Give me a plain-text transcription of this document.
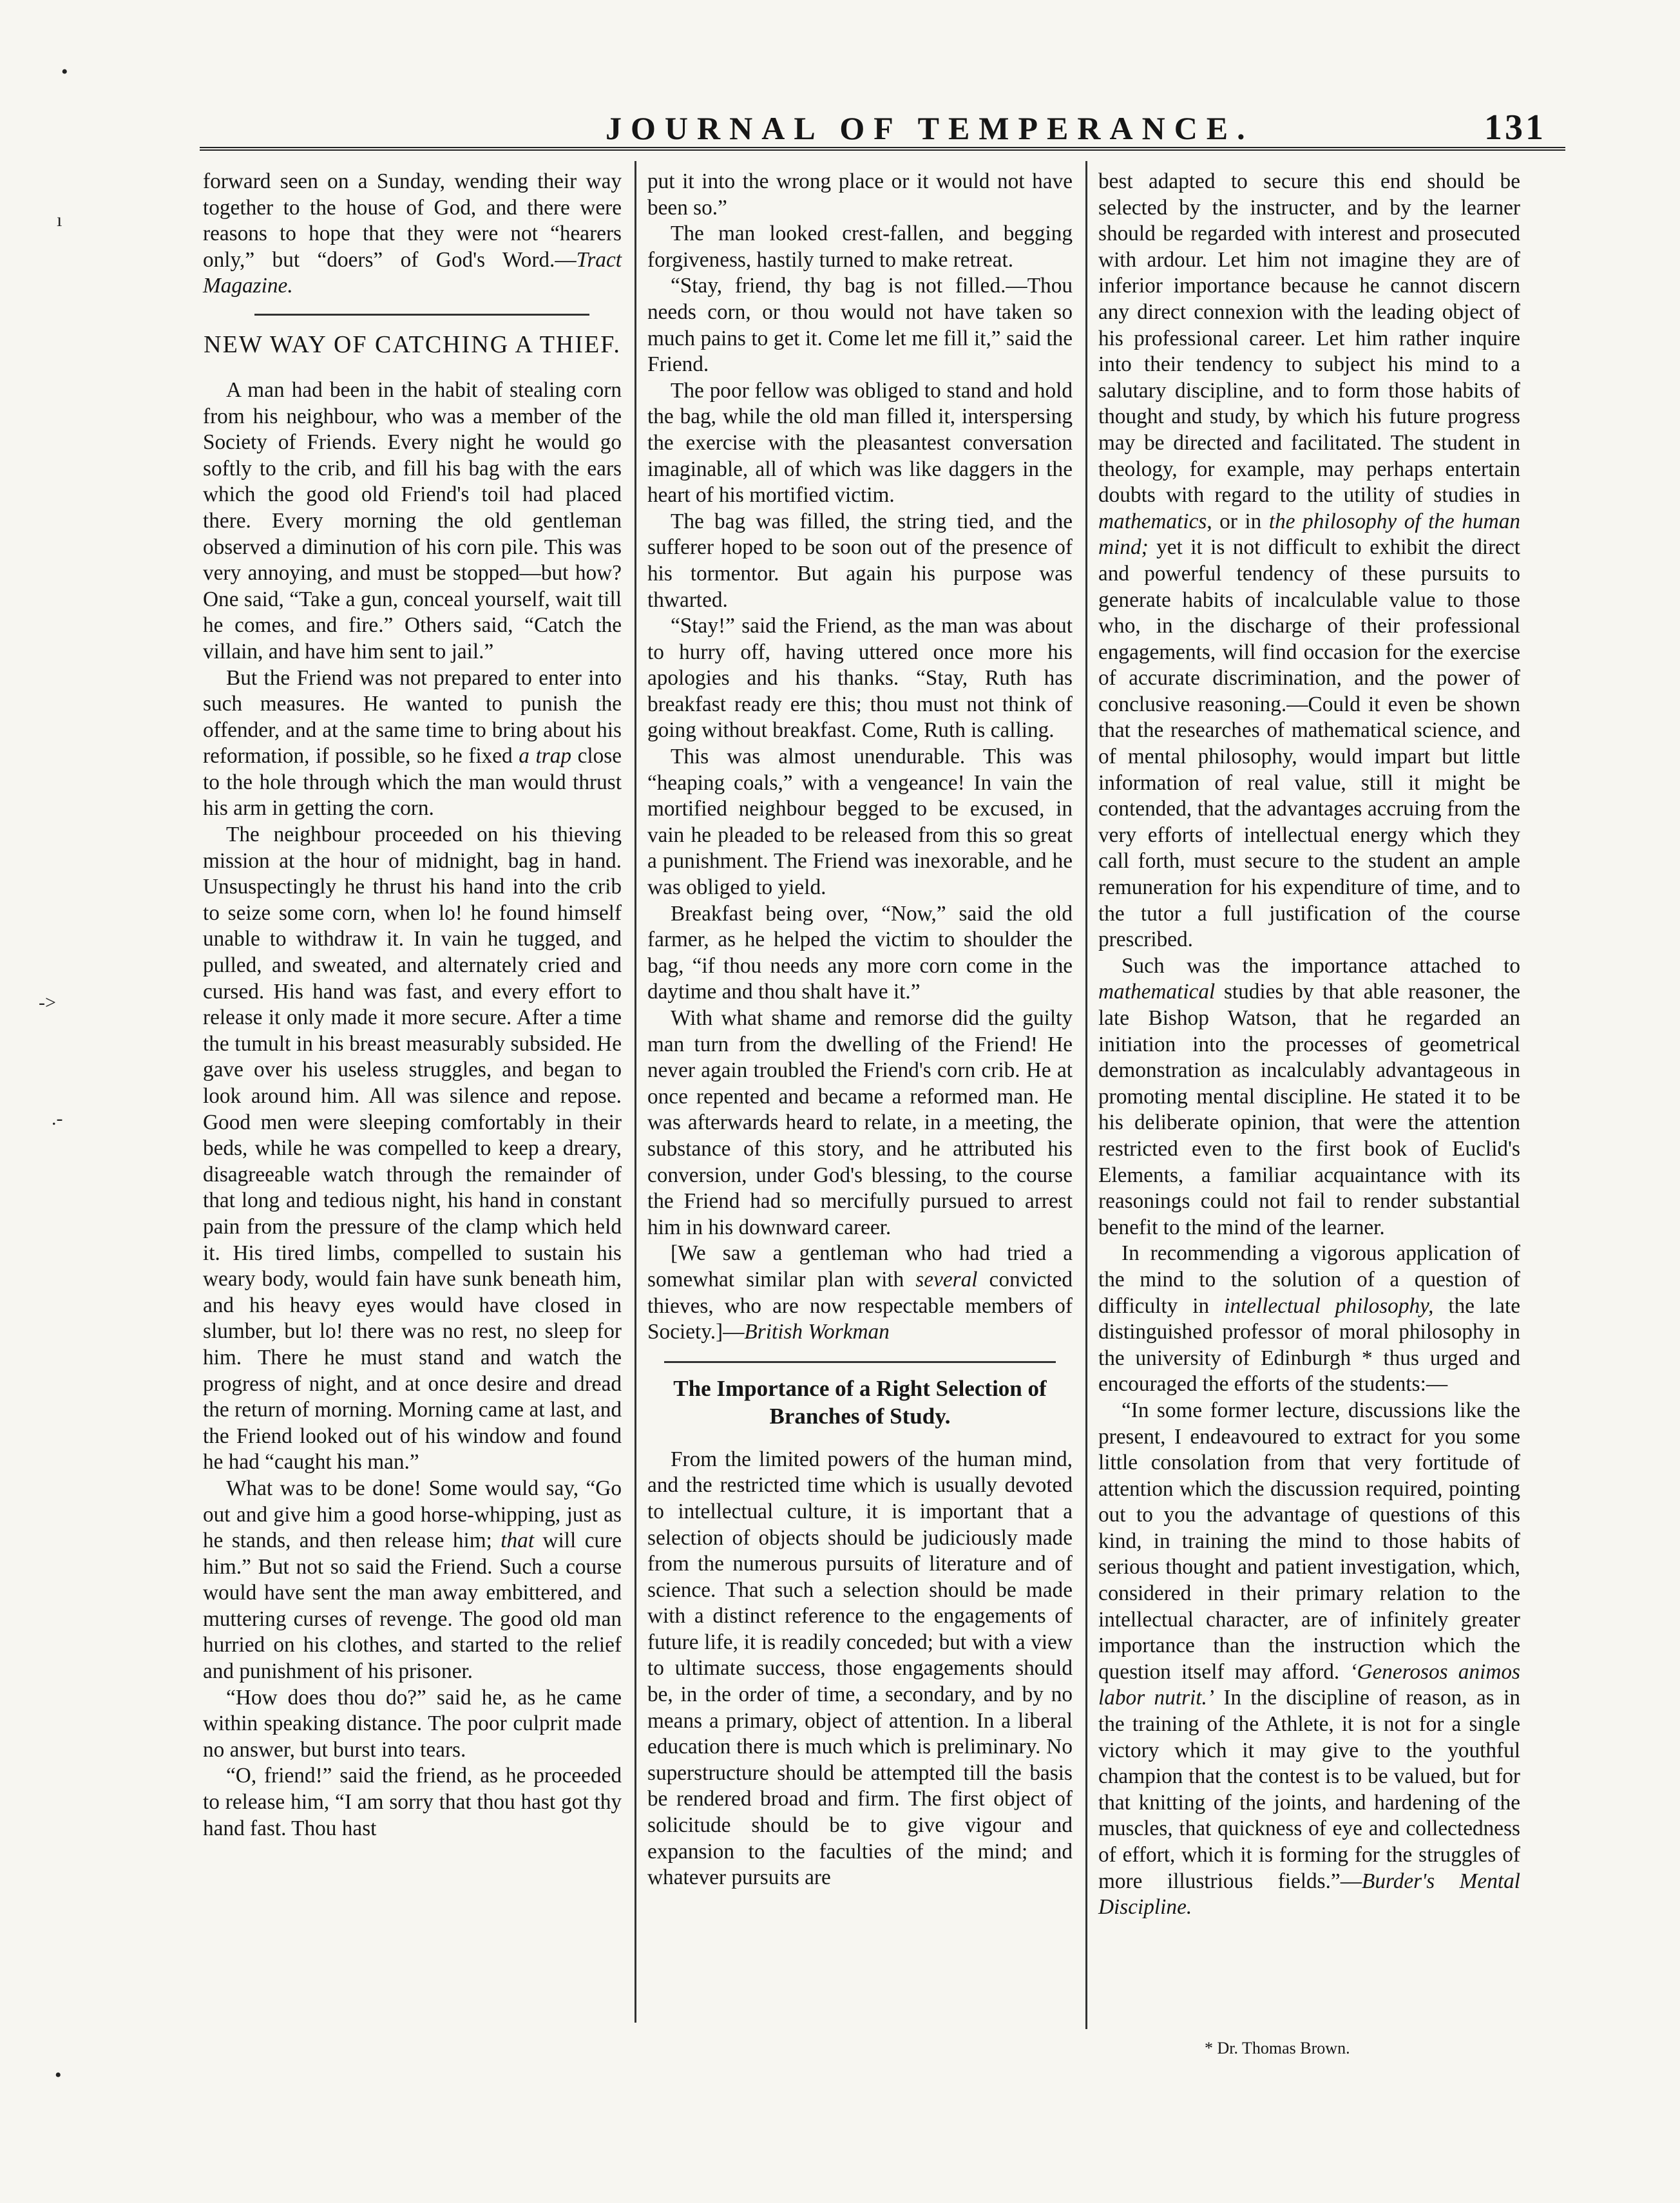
JOURNAL OF TEMPERANCE.	131

forward seen on a Sunday, wending their way together to the house of God, and there were reasons to hope that they were not “hearers only,” but “doers” of God's Word.—Tract Magazine.

NEW WAY OF CATCHING A THIEF.

A man had been in the habit of stealing corn from his neighbour, who was a member of the Society of Friends. Every night he would go softly to the crib, and fill his bag with the ears which the good old Friend's toil had placed there. Every morning the old gentleman observed a diminution of his corn pile. This was very annoying, and must be stopped—but how? One said, “Take a gun, conceal yourself, wait till he comes, and fire.” Others said, “Catch the villain, and have him sent to jail.”

But the Friend was not prepared to enter into such measures. He wanted to punish the offender, and at the same time to bring about his reformation, if possible, so he fixed a trap close to the hole through which the man would thrust his arm in getting the corn.

The neighbour proceeded on his thieving mission at the hour of midnight, bag in hand. Unsuspectingly he thrust his hand into the crib to seize some corn, when lo! he found himself unable to withdraw it. In vain he tugged, and pulled, and sweated, and alternately cried and cursed. His hand was fast, and every effort to release it only made it more secure. After a time the tumult in his breast measurably subsided. He gave over his useless struggles, and began to look around him. All was silence and repose. Good men were sleeping comfortably in their beds, while he was compelled to keep a dreary, disagreeable watch through the remainder of that long and tedious night, his hand in constant pain from the pressure of the clamp which held it. His tired limbs, compelled to sustain his weary body, would fain have sunk beneath him, and his heavy eyes would have closed in slumber, but lo! there was no rest, no sleep for him. There he must stand and watch the progress of night, and at once desire and dread the return of morning. Morning came at last, and the Friend looked out of his window and found he had “caught his man.”

What was to be done! Some would say, “Go out and give him a good horse-whipping, just as he stands, and then release him; that will cure him.” But not so said the Friend. Such a course would have sent the man away embittered, and muttering curses of revenge. The good old man hurried on his clothes, and started to the relief and punishment of his prisoner.

“How does thou do?” said he, as he came within speaking distance. The poor culprit made no answer, but burst into tears.

“O, friend!” said the friend, as he proceeded to release him, “I am sorry that thou hast got thy hand fast. Thou hast

put it into the wrong place or it would not have been so.”

The man looked crest-fallen, and begging forgiveness, hastily turned to make retreat.

“Stay, friend, thy bag is not filled.—Thou needs corn, or thou would not have taken so much pains to get it. Come let me fill it,” said the Friend.

The poor fellow was obliged to stand and hold the bag, while the old man filled it, interspersing the exercise with the pleasantest conversation imaginable, all of which was like daggers in the heart of his mortified victim.

The bag was filled, the string tied, and the sufferer hoped to be soon out of the presence of his tormentor. But again his purpose was thwarted.

“Stay!” said the Friend, as the man was about to hurry off, having uttered once more his apologies and his thanks. “Stay, Ruth has breakfast ready ere this; thou must not think of going without breakfast. Come, Ruth is calling.

This was almost unendurable. This was “heaping coals,” with a vengeance! In vain the mortified neighbour begged to be excused, in vain he pleaded to be released from this so great a punishment. The Friend was inexorable, and he was obliged to yield.

Breakfast being over, “Now,” said the old farmer, as he helped the victim to shoulder the bag, “if thou needs any more corn come in the daytime and thou shalt have it.”

With what shame and remorse did the guilty man turn from the dwelling of the Friend! He never again troubled the Friend's corn crib. He at once repented and became a reformed man. He was afterwards heard to relate, in a meeting, the substance of this story, and he attributed his conversion, under God's blessing, to the course the Friend had so mercifully pursued to arrest him in his downward career.

[We saw a gentleman who had tried a somewhat similar plan with several convicted thieves, who are now respectable members of Society.]—British Workman

The Importance of a Right Selection of Branches of Study.

From the limited powers of the human mind, and the restricted time which is usually devoted to intellectual culture, it is important that a selection of objects should be judiciously made from the numerous pursuits of literature and of science. That such a selection should be made with a distinct reference to the engagements of future life, it is readily conceded; but with a view to ultimate success, those engagements should be, in the order of time, a secondary, and by no means a primary, object of attention. In a liberal education there is much which is preliminary. No superstructure should be attempted till the basis be rendered broad and firm. The first object of solicitude should be to give vigour and expansion to the faculties of the mind; and whatever pursuits are

best adapted to secure this end should be selected by the instructer, and by the learner should be regarded with interest and prosecuted with ardour. Let him not imagine they are of inferior importance because he cannot discern any direct connexion with the leading object of his professional career. Let him rather inquire into their tendency to subject his mind to a salutary discipline, and to form those habits of thought and study, by which his future progress may be directed and facilitated. The student in theology, for example, may perhaps entertain doubts with regard to the utility of studies in mathematics, or in the philosophy of the human mind; yet it is not difficult to exhibit the direct and powerful tendency of these pursuits to generate habits of incalculable value to those who, in the discharge of their professional engagements, will find occasion for the exercise of accurate discrimination, and the power of conclusive reasoning.—Could it even be shown that the researches of mathematical science, and of mental philosophy, would impart but little information of real value, still it might be contended, that the advantages accruing from the very efforts of intellectual energy which they call forth, must secure to the student an ample remuneration for his expenditure of time, and to the tutor a full justification of the course prescribed.

Such was the importance attached to mathematical studies by that able reasoner, the late Bishop Watson, that he regarded an initiation into the processes of geometrical demonstration as incalculably advantageous in promoting mental discipline. He stated it to be his deliberate opinion, that were the attention restricted even to the first book of Euclid's Elements, a familiar acquaintance with its reasonings could not fail to render substantial benefit to the mind of the learner.

In recommending a vigorous application of the mind to the solution of a question of difficulty in intellectual philosophy, the late distinguished professor of moral philosophy in the university of Edinburgh * thus urged and encouraged the efforts of the students:—

“In some former lecture, discussions like the present, I endeavoured to extract for you some little consolation from that very fortitude of attention which the discussion required, pointing out to you the advantage of questions of this kind, in training the mind to those habits of serious thought and patient investigation, which, considered in their primary relation to the intellectual character, are of infinitely greater importance than the instruction which the question itself may afford. ‘Generosos animos labor nutrit.’ In the discipline of reason, as in the training of the Athlete, it is not for a single victory which it may give to the youthful champion that the contest is to be valued, but for that knitting of the joints, and hardening of the muscles, that quickness of eye and collectedness of effort, which it is forming for the struggles of more illustrious fields.”—Burder's Mental Discipline.

* Dr. Thomas Brown.
•
ı
->
.-
•
